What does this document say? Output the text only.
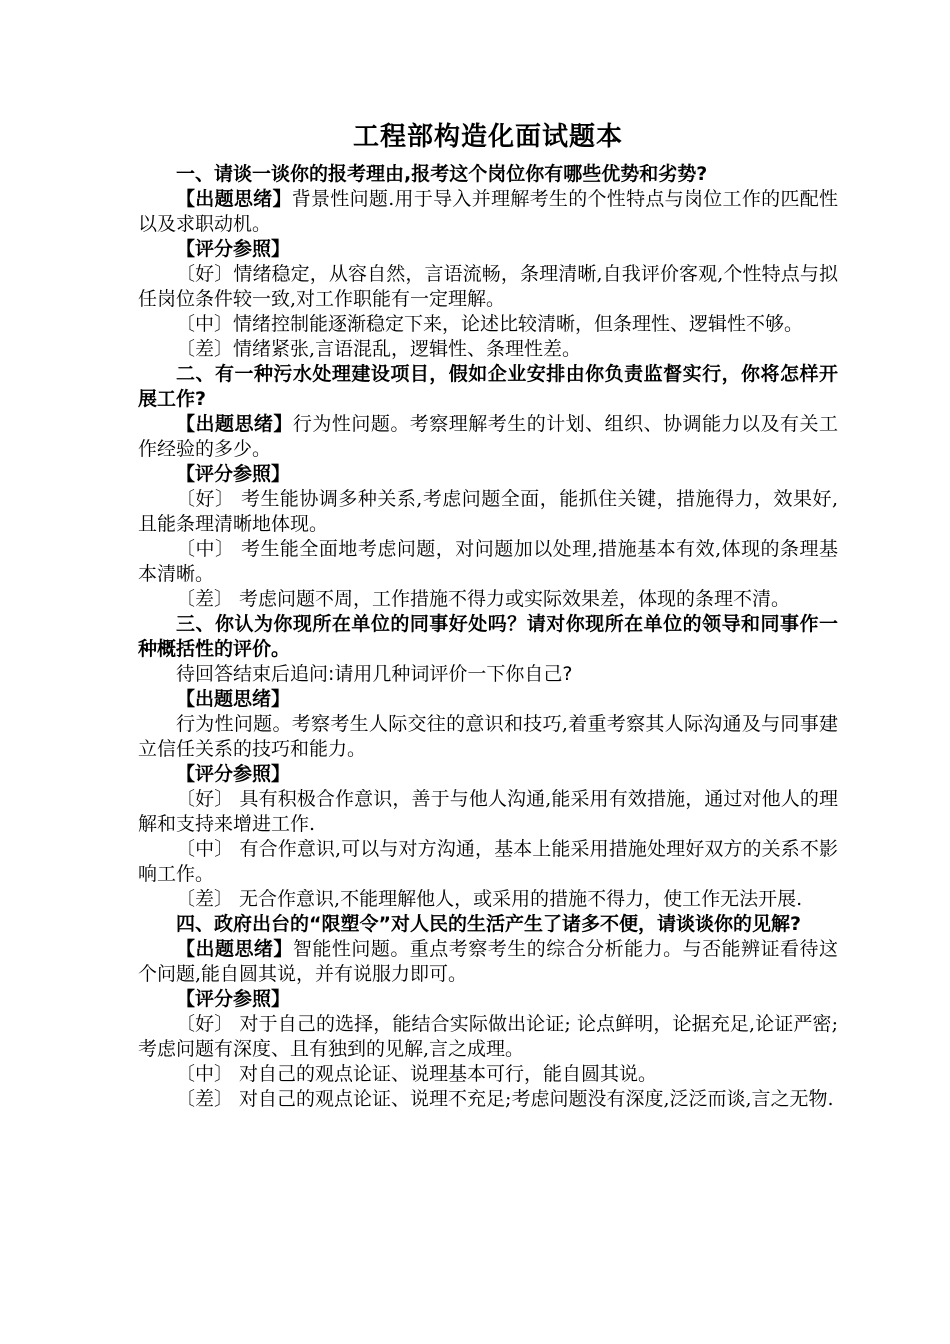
工程部构造化面试题本

一、请谈一谈你的报考理由,报考这个岗位你有哪些优势和劣势?

【出题思绪】背景性问题.用于导入并理解考生的个性特点与岗位工作的匹配性以及求职动机。

【评分参照】

〔好〕情绪稳定，从容自然，言语流畅，条理清晰,自我评价客观,个性特点与拟任岗位条件较一致,对工作职能有一定理解。

〔中〕情绪控制能逐渐稳定下来，论述比较清晰，但条理性、逻辑性不够。

〔差〕情绪紧张,言语混乱，逻辑性、条理性差。

二、有一种污水处理建设项目，假如企业安排由你负责监督实行，你将怎样开展工作?

【出题思绪】行为性问题。考察理解考生的计划、组织、协调能力以及有关工作经验的多少。

【评分参照】

〔好〕 考生能协调多种关系,考虑问题全面，能抓住关键，措施得力，效果好,且能条理清晰地体现。

〔中〕 考生能全面地考虑问题，对问题加以处理,措施基本有效,体现的条理基本清晰。

〔差〕 考虑问题不周，工作措施不得力或实际效果差，体现的条理不清。

三、你认为你现所在单位的同事好处吗？请对你现所在单位的领导和同事作一种概括性的评价。

待回答结束后追问:请用几种词评价一下你自己?

【出题思绪】

行为性问题。考察考生人际交往的意识和技巧,着重考察其人际沟通及与同事建立信任关系的技巧和能力。

【评分参照】

〔好〕 具有积极合作意识，善于与他人沟通,能采用有效措施，通过对他人的理解和支持来增进工作.

〔中〕 有合作意识,可以与对方沟通，基本上能采用措施处理好双方的关系不影响工作。

〔差〕 无合作意识,不能理解他人，或采用的措施不得力，使工作无法开展.

四、政府出台的“限塑令”对人民的生活产生了诸多不便，请谈谈你的见解?

【出题思绪】智能性问题。重点考察考生的综合分析能力。与否能辨证看待这个问题,能自圆其说，并有说服力即可。

【评分参照】

〔好〕 对于自己的选择，能结合实际做出论证; 论点鲜明，论据充足,论证严密;考虑问题有深度、且有独到的见解,言之成理。

〔中〕 对自己的观点论证、说理基本可行，能自圆其说。

〔差〕 对自己的观点论证、说理不充足;考虑问题没有深度,泛泛而谈,言之无物.
